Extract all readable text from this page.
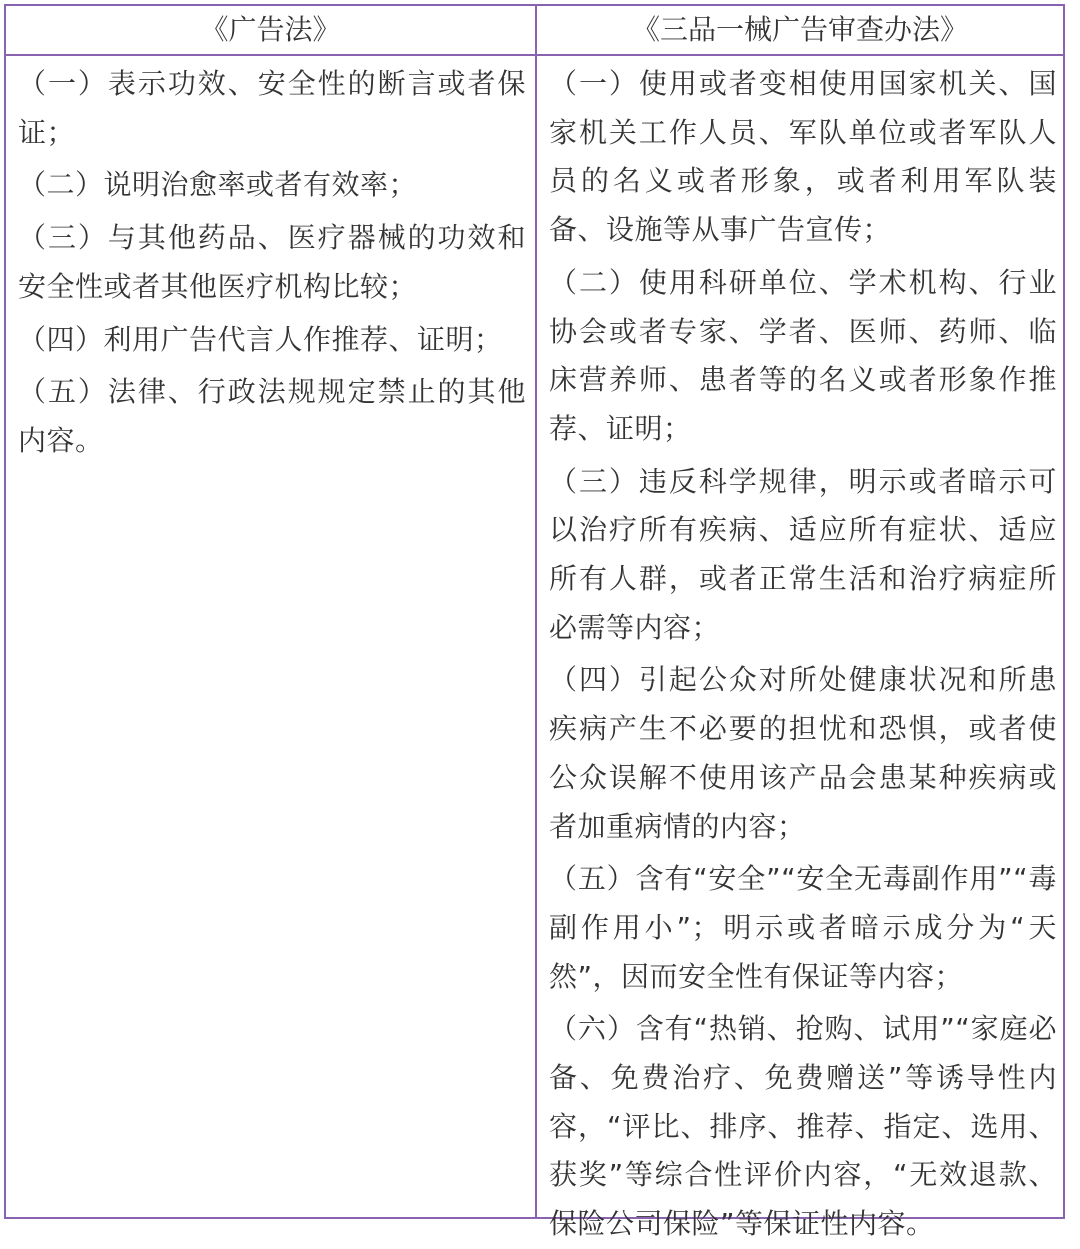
《广告法》	《三品一械广告审查办法》

（一）表示功效、安全性的断言或者保证；

（二）说明治愈率或者有效率；

（三）与其他药品、医疗器械的功效和安全性或者其他医疗机构比较；

（四）利用广告代言人作推荐、证明；

（五）法律、行政法规规定禁止的其他内容。

（一）使用或者变相使用国家机关、国家机关工作人员、军队单位或者军队人员的名义或者形象，或者利用军队装备、设施等从事广告宣传；

（二）使用科研单位、学术机构、行业协会或者专家、学者、医师、药师、临床营养师、患者等的名义或者形象作推荐、证明；

（三）违反科学规律，明示或者暗示可以治疗所有疾病、适应所有症状、适应所有人群，或者正常生活和治疗病症所必需等内容；

（四）引起公众对所处健康状况和所患疾病产生不必要的担忧和恐惧，或者使公众误解不使用该产品会患某种疾病或者加重病情的内容；

（五）含有“安全”“安全无毒副作用”“毒副作用小”；明示或者暗示成分为“天然”，因而安全性有保证等内容；

（六）含有“热销、抢购、试用”“家庭必备、免费治疗、免费赠送”等诱导性内容，“评比、排序、推荐、指定、选用、获奖”等综合性评价内容，“无效退款、保险公司保险”等保证性内容。
